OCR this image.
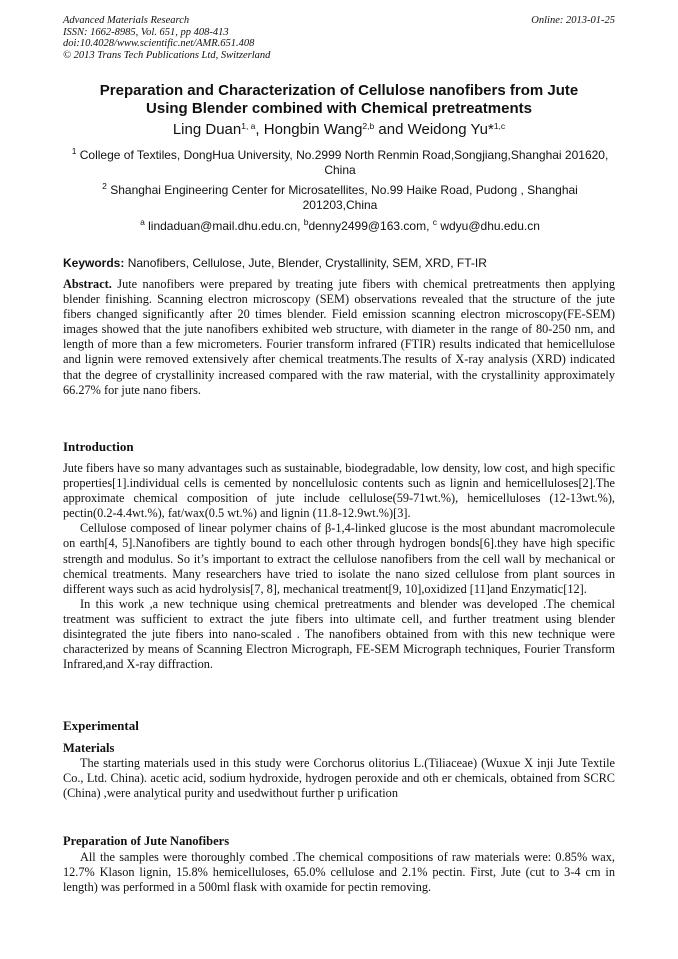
Advanced Materials Research
ISSN: 1662-8985, Vol. 651, pp 408-413
doi:10.4028/www.scientific.net/AMR.651.408
© 2013 Trans Tech Publications Ltd, Switzerland
Online: 2013-01-25
Preparation and Characterization of Cellulose nanofibers from Jute
Using Blender combined with Chemical pretreatments
Ling Duan$^{1, a}$, Hongbin Wang$^{2,b}$ and Weidong Yu*$^{1,c}$
$^1$ College of Textiles, DongHua University, No.2999 North Renmin Road,Songjiang,Shanghai 201620, China
$^2$ Shanghai Engineering Center for Microsatellites, No.99 Haike Road, Pudong , Shanghai 201203,China
$^a$ lindaduan@mail.dhu.edu.cn, $^b$denny2499@163.com, $^c$ wdyu@dhu.edu.cn
Keywords: Nanofibers, Cellulose, Jute, Blender, Crystallinity, SEM, XRD, FT-IR
Abstract. Jute nanofibers were prepared by treating jute fibers with chemical pretreatments then applying blender finishing. Scanning electron microscopy (SEM) observations revealed that the structure of the jute fibers changed significantly after 20 times blender. Field emission scanning electron microscopy(FE-SEM) images showed that the jute nanofibers exhibited web structure, with diameter in the range of 80-250 nm, and length of more than a few micrometers. Fourier transform infrared (FTIR) results indicated that hemicellulose and lignin were removed extensively after chemical treatments.The results of X-ray analysis (XRD) indicated that the degree of crystallinity increased compared with the raw material, with the crystallinity approximately 66.27% for jute nano fibers.
Introduction

Jute fibers have so many advantages such as sustainable, biodegradable, low density, low cost, and high specific properties[1].individual cells is cemented by noncellulosic contents such as lignin and hemicelluloses[2].The approximate chemical composition of jute include cellulose(59-71wt.%), hemicelluloses (12-13wt.%), pectin(0.2-4.4wt.%), fat/wax(0.5 wt.%) and lignin (11.8-12.9wt.%)[3].

Cellulose composed of linear polymer chains of β-1,4-linked glucose is the most abundant macromolecule on earth[4, 5].Nanofibers are tightly bound to each other through hydrogen bonds[6].they have high specific strength and modulus. So it’s important to extract the cellulose nanofibers from the cell wall by mechanical or chemical treatments. Many researchers have tried to isolate the nano sized cellulose from plant sources in different ways such as acid hydrolysis[7, 8], mechanical treatment[9, 10],oxidized [11]and Enzymatic[12].

In this work ,a new technique using chemical pretreatments and blender was developed .The chemical treatment was sufficient to extract the jute fibers into ultimate cell, and further treatment using blender disintegrated the jute fibers into nano-scaled . The nanofibers obtained from with this new technique were characterized by means of Scanning Electron Micrograph, FE-SEM Micrograph techniques, Fourier Transform Infrared,and X-ray diffraction.

Experimental
Materials

The starting materials used in this study were Corchorus olitorius L.(Tiliaceae) (Wuxue X inji Jute Textile Co., Ltd. China). acetic acid, sodium hydroxide, hydrogen peroxide and oth er chemicals, obtained from SCRC (China) ,were analytical purity and usedwithout further p urification

Preparation of Jute Nanofibers

All the samples were thoroughly combed .The chemical compositions of raw materials were: 0.85% wax, 12.7% Klason lignin, 15.8% hemicelluloses, 65.0% cellulose and 2.1% pectin. First, Jute (cut to 3-4 cm in length) was performed in a 500ml flask with oxamide for pectin removing.
